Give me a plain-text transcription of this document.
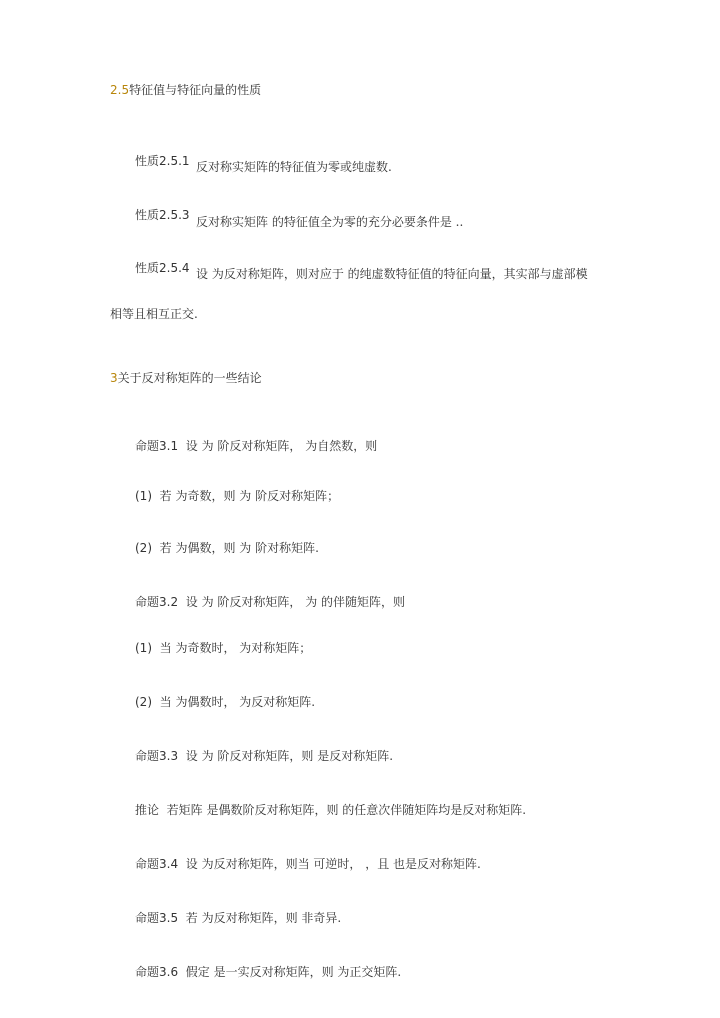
2.5特征值与特征向量的性质
性质2.5.1 反对称实矩阵的特征值为零或纯虚数.
性质2.5.3 反对称实矩阵 的特征值全为零的充分必要条件是 ..
性质2.5.4 设 为反对称矩阵，则对应于 的纯虚数特征值的特征向量，其实部与虚部模
相等且相互正交.
3关于反对称矩阵的一些结论
命题3.1 设 为 阶反对称矩阵， 为自然数，则
(1) 若 为奇数，则 为 阶反对称矩阵；
(2) 若 为偶数，则 为 阶对称矩阵.
命题3.2 设 为 阶反对称矩阵， 为 的伴随矩阵，则
(1) 当 为奇数时， 为对称矩阵；
(2) 当 为偶数时， 为反对称矩阵.
命题3.3 设 为 阶反对称矩阵，则 是反对称矩阵.
推论 若矩阵 是偶数阶反对称矩阵，则 的任意次伴随矩阵均是反对称矩阵.
命题3.4 设 为反对称矩阵，则当 可逆时， ，且 也是反对称矩阵.
命题3.5 若 为反对称矩阵，则 非奇异.
命题3.6 假定 是一实反对称矩阵，则 为正交矩阵.
